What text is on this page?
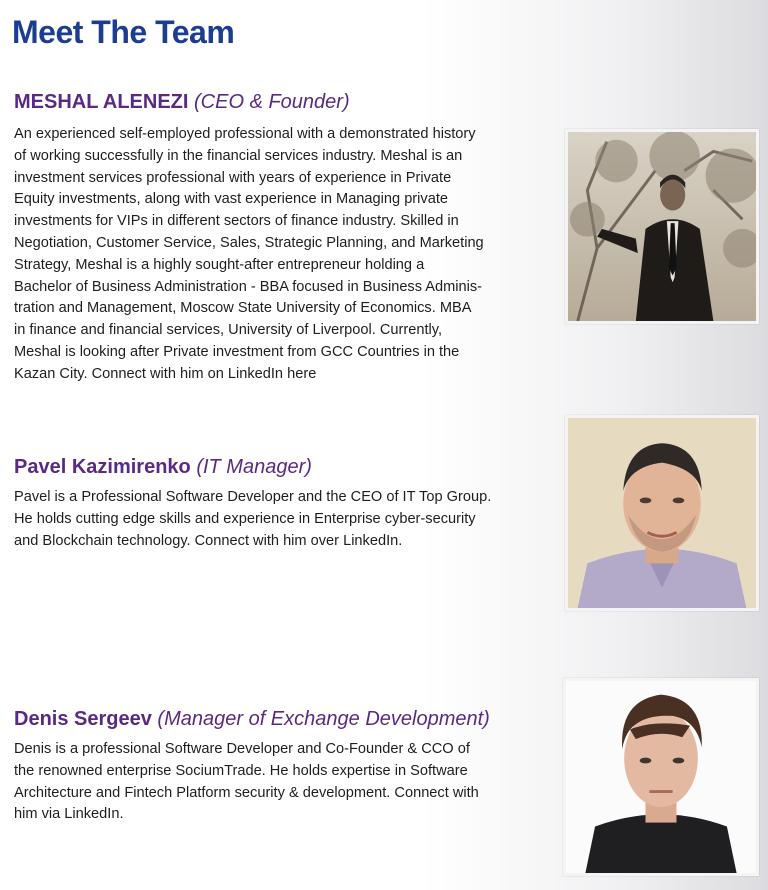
Meet The Team
MESHAL ALENEZI (CEO & Founder)
An experienced self-employed professional with a demonstrated history
of working successfully in the financial services industry. Meshal is an
investment services professional with years of experience in Private
Equity investments, along with vast experience in Managing private
investments for VIPs in different sectors of finance industry. Skilled in
Negotiation, Customer Service, Sales, Strategic Planning, and Marketing
Strategy, Meshal is a highly sought-after entrepreneur holding a
Bachelor of Business Administration - BBA focused in Business Adminis-
tration and Management, Moscow State University of Economics. MBA
in finance and financial services, University of Liverpool. Currently,
Meshal is looking after Private investment from GCC Countries in the
Kazan City. Connect with him on LinkedIn here
Pavel Kazimirenko (IT Manager)
Pavel is a Professional Software Developer and the CEO of IT Top Group.
He holds cutting edge skills and experience in Enterprise cyber-security
and Blockchain technology. Connect with him over LinkedIn.
Denis Sergeev (Manager of Exchange Development)
Denis is a professional Software Developer and Co-Founder & CCO of
the renowned enterprise SociumTrade. He holds expertise in Software
Architecture and Fintech Platform security & development. Connect with
him via LinkedIn.
